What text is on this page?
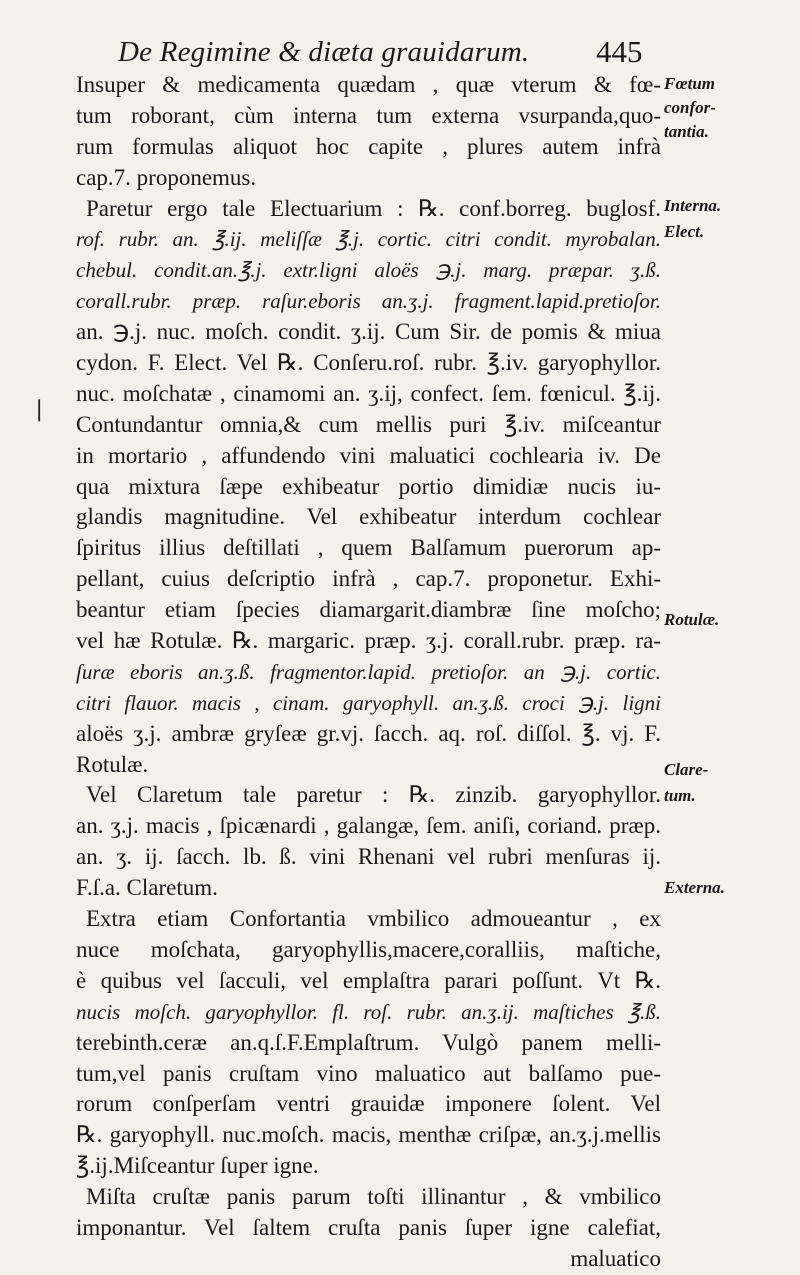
De Regimine & diæta grauidarum. 445
Insuper & medicamenta quædam , quæ vterum & fœ-
tum roborant, cùm interna tum externa vsurpanda,quo-
rum formulas aliquot hoc capite , plures autem infrà
cap.7. proponemus.
Paretur ergo tale Electuarium : ℞. conf.borreg. buglosf.
rof. rubr. an. ℥.ij. meliſſæ ℥.j. cortic. citri condit. myrobalan.
chebul. condit.an.℥.j. extr.ligni aloës ℈.j. marg. præpar. ʒ.ß.
corall.rubr. præp. raſur.eboris an.ʒ.j. fragment.lapid.pretioſor.
an. ℈.j. nuc. moſch. condit. ʒ.ij. Cum Sir. de pomis & miua
cydon. F. Elect. Vel ℞. Conſeru.roſ. rubr. ℥.iv. garyophyllor.
nuc. moſchatæ , cinamomi an. ʒ.ij, confect. ſem. fœnicul. ℥.ij.
Contundantur omnia,& cum mellis puri ℥.iv. miſceantur
in mortario , affundendo vini maluatici cochlearia iv. De
qua mixtura ſæpe exhibeatur portio dimidiæ nucis iu-
glandis magnitudine. Vel exhibeatur interdum cochlear
ſpiritus illius deſtillati , quem Balſamum puerorum ap-
pellant, cuius deſcriptio infrà , cap.7. proponetur. Exhi-
beantur etiam ſpecies diamargarit.diambræ ſine moſcho;
vel hæ Rotulæ. ℞. margaric. præp. ʒ.j. corall.rubr. præp. ra-
ſuræ eboris an.ʒ.ß. fragmentor.lapid. pretioſor. an ℈.j. cortic.
citri flauor. macis , cinam. garyophyll. an.ʒ.ß. croci ℈.j. ligni
aloës ʒ.j. ambræ gryſeæ gr.vj. ſacch. aq. roſ. diſſol. ℥. vj. F.
Rotulæ.
Vel Claretum tale paretur : ℞. zinzib. garyophyllor.
an. ʒ.j. macis , ſpicænardi , galangæ, ſem. aniſi, coriand. præp.
an. ʒ. ij. ſacch. lb. ß. vini Rhenani vel rubri menſuras ij.
F.ſ.a. Claretum.
Extra etiam Confortantia vmbilico admoueantur , ex
nuce moſchata, garyophyllis,macere,coralliis, maſtiche,
è quibus vel ſacculi, vel emplaſtra parari poſſunt. Vt ℞.
nucis moſch. garyophyllor. fl. roſ. rubr. an.ʒ.ij. maſtiches ℥.ß.
terebinth.ceræ an.q.ſ.F.Emplaſtrum. Vulgò panem melli-
tum,vel panis cruſtam vino maluatico aut balſamo pue-
rorum conſperſam ventri grauidæ imponere ſolent. Vel
℞. garyophyll. nuc.moſch. macis, menthæ criſpæ, an.ʒ.j.mellis
℥.ij.Miſceantur ſuper igne.
Miſta cruſtæ panis parum toſti illinantur , & vmbilico
imponantur. Vel ſaltem cruſta panis ſuper igne calefiat,
maluatico
Fœtum
confor-
tantia.
Interna.
Elect.
Rotulæ.
Clare-
tum.
Externa.
❘
